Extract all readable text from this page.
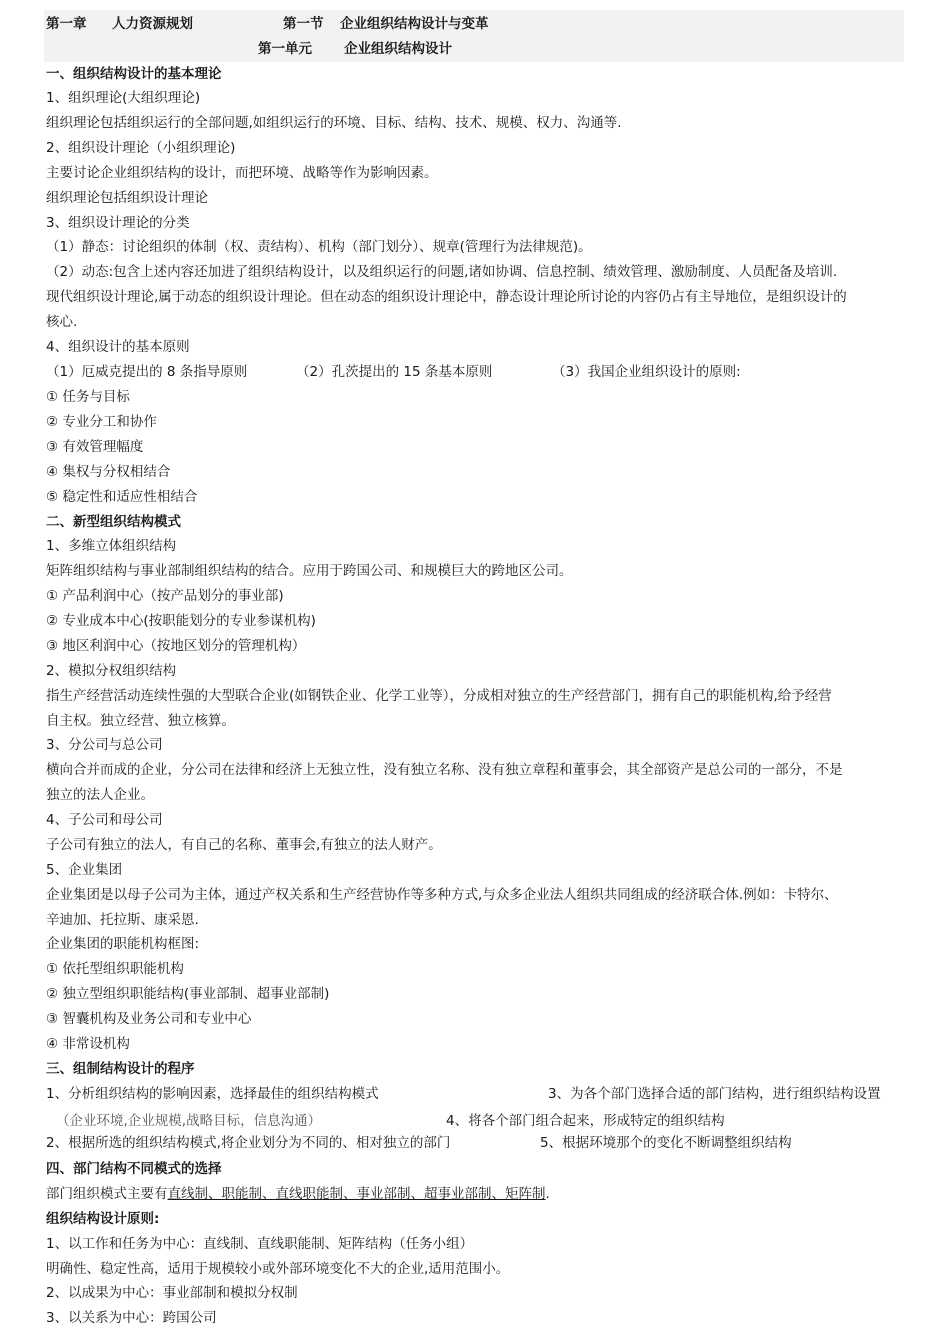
第一章 人力资源规划	第一节 企业组织结构设计与变革
第一单元 企业组织结构设计
一、组织结构设计的基本理论
1、组织理论(大组织理论)
组织理论包括组织运行的全部问题,如组织运行的环境、目标、结构、技术、规模、权力、沟通等.
2、组织设计理论（小组织理论)
主要讨论企业组织结构的设计，而把环境、战略等作为影响因素。
组织理论包括组织设计理论
3、组织设计理论的分类
（1）静态：讨论组织的体制（权、责结构）、机构（部门划分）、规章(管理行为法律规范)。
（2）动态:包含上述内容还加进了组织结构设计，以及组织运行的问题,诸如协调、信息控制、绩效管理、激励制度、人员配备及培训.
现代组织设计理论,属于动态的组织设计理论。但在动态的组织设计理论中，静态设计理论所讨论的内容仍占有主导地位，是组织设计的
核心.
4、组织设计的基本原则
（1）厄威克提出的 8 条指导原则	（2）孔茨提出的 15 条基本原则	（3）我国企业组织设计的原则:
① 任务与目标
② 专业分工和协作
③ 有效管理幅度
④ 集权与分权相结合
⑤ 稳定性和适应性相结合
二、新型组织结构模式
1、多维立体组织结构
矩阵组织结构与事业部制组织结构的结合。应用于跨国公司、和规模巨大的跨地区公司。
① 产品利润中心（按产品划分的事业部)
② 专业成本中心(按职能划分的专业参谋机构)
③ 地区利润中心（按地区划分的管理机构）
2、模拟分权组织结构
指生产经营活动连续性强的大型联合企业(如钢铁企业、化学工业等），分成相对独立的生产经营部门，拥有自己的职能机构,给予经营
自主权。独立经营、独立核算。
3、分公司与总公司
横向合并而成的企业，分公司在法律和经济上无独立性，没有独立名称、没有独立章程和董事会，其全部资产是总公司的一部分，不是
独立的法人企业。
4、子公司和母公司
子公司有独立的法人，有自己的名称、董事会,有独立的法人财产。
5、企业集团
企业集团是以母子公司为主体，通过产权关系和生产经营协作等多种方式,与众多企业法人组织共同组成的经济联合体.例如：卡特尔、
辛迪加、托拉斯、康采恩.
企业集团的职能机构框图:
① 依托型组织职能机构
② 独立型组织职能结构(事业部制、超事业部制)
③ 智囊机构及业务公司和专业中心
④ 非常设机构
三、组制结构设计的程序
1、分析组织结构的影响因素，选择最佳的组织结构模式	3、为各个部门选择合适的部门结构，进行组织结构设置
（企业环境,企业规模,战略目标，信息沟通）	4、将各个部门组合起来，形成特定的组织结构
2、根据所选的组织结构模式,将企业划分为不同的、相对独立的部门	5、根据环境那个的变化不断调整组织结构
四、部门结构不同模式的选择
部门组织模式主要有直线制、职能制、直线职能制、事业部制、超事业部制、矩阵制.
组织结构设计原则:
1、以工作和任务为中心：直线制、直线职能制、矩阵结构（任务小组）
明确性、稳定性高，适用于规模较小或外部环境变化不大的企业,适用范围小。
2、以成果为中心：事业部制和模拟分权制
3、以关系为中心：跨国公司
